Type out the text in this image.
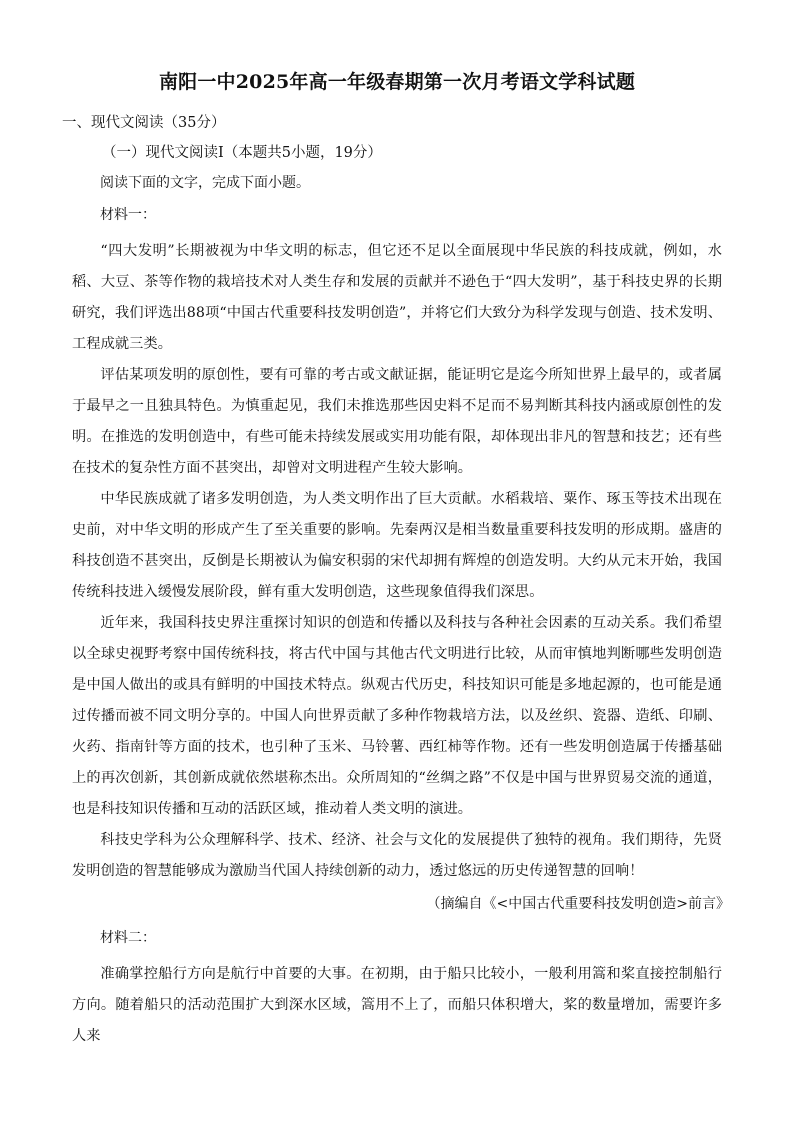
南阳一中2025年高一年级春期第一次月考语文学科试题
一、现代文阅读（35分）
（一）现代文阅读Ⅰ（本题共5小题，19分）
阅读下面的文字，完成下面小题。
材料一：

“四大发明”长期被视为中华文明的标志，但它还不足以全面展现中华民族的科技成就，例如，水稻、大豆、茶等作物的栽培技术对人类生存和发展的贡献并不逊色于“四大发明”，基于科技史界的长期研究，我们评选出88项“中国古代重要科技发明创造”，并将它们大致分为科学发现与创造、技术发明、工程成就三类。

评估某项发明的原创性，要有可靠的考古或文献证据，能证明它是迄今所知世界上最早的，或者属于最早之一且独具特色。为慎重起见，我们未推选那些因史料不足而不易判断其科技内涵或原创性的发明。在推选的发明创造中，有些可能未持续发展或实用功能有限，却体现出非凡的智慧和技艺；还有些在技术的复杂性方面不甚突出，却曾对文明进程产生较大影响。

中华民族成就了诸多发明创造，为人类文明作出了巨大贡献。水稻栽培、粟作、琢玉等技术出现在史前，对中华文明的形成产生了至关重要的影响。先秦两汉是相当数量重要科技发明的形成期。盛唐的科技创造不甚突出，反倒是长期被认为偏安积弱的宋代却拥有辉煌的创造发明。大约从元末开始，我国传统科技进入缓慢发展阶段，鲜有重大发明创造，这些现象值得我们深思。

近年来，我国科技史界注重探讨知识的创造和传播以及科技与各种社会因素的互动关系。我们希望以全球史视野考察中国传统科技，将古代中国与其他古代文明进行比较，从而审慎地判断哪些发明创造是中国人做出的或具有鲜明的中国技术特点。纵观古代历史，科技知识可能是多地起源的，也可能是通过传播而被不同文明分享的。中国人向世界贡献了多种作物栽培方法，以及丝织、瓷器、造纸、印刷、火药、指南针等方面的技术，也引种了玉米、马铃薯、西红柿等作物。还有一些发明创造属于传播基础上的再次创新，其创新成就依然堪称杰出。众所周知的“丝绸之路”不仅是中国与世界贸易交流的通道，也是科技知识传播和互动的活跃区域，推动着人类文明的演进。

科技史学科为公众理解科学、技术、经济、社会与文化的发展提供了独特的视角。我们期待，先贤发明创造的智慧能够成为激励当代国人持续创新的动力，透过悠远的历史传递智慧的回响！

（摘编自《<中国古代重要科技发明创造>前言》
材料二：

准确掌控船行方向是航行中首要的大事。在初期，由于船只比较小，一般利用篙和桨直接控制船行方向。随着船只的活动范围扩大到深水区域，篙用不上了，而船只体积增大，桨的数量增加，需要许多人来
